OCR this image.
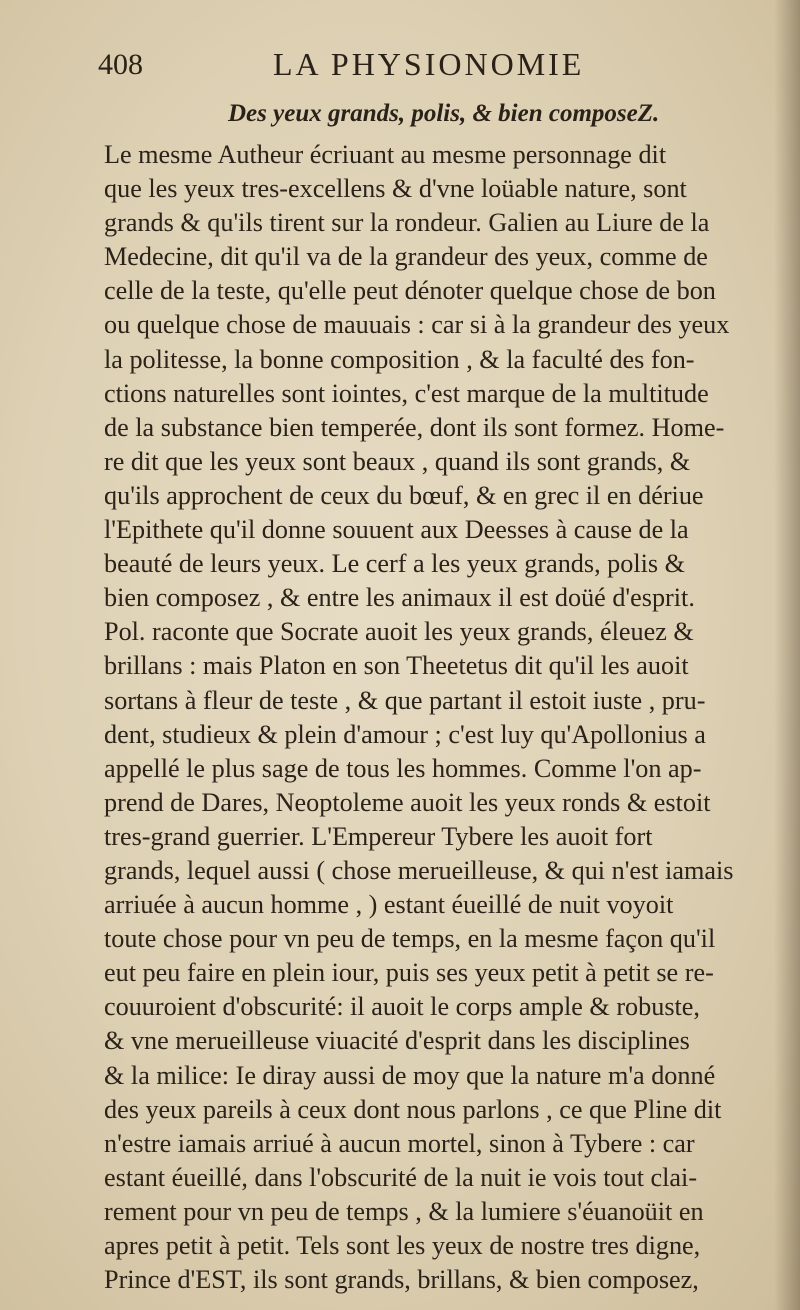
408	LA PHYSIONOMIE
Des yeux grands, polis, & bien composeZ.
Le mesme Autheur écriuant au mesme personnage dit
que les yeux tres-excellens & d'vne loüable nature, sont
grands & qu'ils tirent sur la rondeur. Galien au Liure de la
Medecine, dit qu'il va de la grandeur des yeux, comme de
celle de la teste, qu'elle peut dénoter quelque chose de bon
ou quelque chose de mauuais : car si à la grandeur des yeux
la politesse, la bonne composition , & la faculté des fon-
ctions naturelles sont iointes, c'est marque de la multitude
de la substance bien temperée, dont ils sont formez. Home-
re dit que les yeux sont beaux , quand ils sont grands, &
qu'ils approchent de ceux du bœuf, & en grec il en dériue
l'Epithete qu'il donne souuent aux Deesses à cause de la
beauté de leurs yeux. Le cerf a les yeux grands, polis &
bien composez , & entre les animaux il est doüé d'esprit.
Pol. raconte que Socrate auoit les yeux grands, éleuez &
brillans : mais Platon en son Theetetus dit qu'il les auoit
sortans à fleur de teste , & que partant il estoit iuste , pru-
dent, studieux & plein d'amour ; c'est luy qu'Apollonius a
appellé le plus sage de tous les hommes. Comme l'on ap-
prend de Dares, Neoptoleme auoit les yeux ronds & estoit
tres-grand guerrier. L'Empereur Tybere les auoit fort
grands, lequel aussi ( chose merueilleuse, & qui n'est iamais
arriuée à aucun homme , ) estant éueillé de nuit voyoit
toute chose pour vn peu de temps, en la mesme façon qu'il
eut peu faire en plein iour, puis ses yeux petit à petit se re-
couuroient d'obscurité: il auoit le corps ample & robuste,
& vne merueilleuse viuacité d'esprit dans les disciplines
& la milice: Ie diray aussi de moy que la nature m'a donné
des yeux pareils à ceux dont nous parlons , ce que Pline dit
n'estre iamais arriué à aucun mortel, sinon à Tybere : car
estant éueillé, dans l'obscurité de la nuit ie vois tout clai-
rement pour vn peu de temps , & la lumiere s'éuanoüit en
apres petit à petit. Tels sont les yeux de nostre tres digne,
Prince d'EST, ils sont grands, brillans, & bien composez,
